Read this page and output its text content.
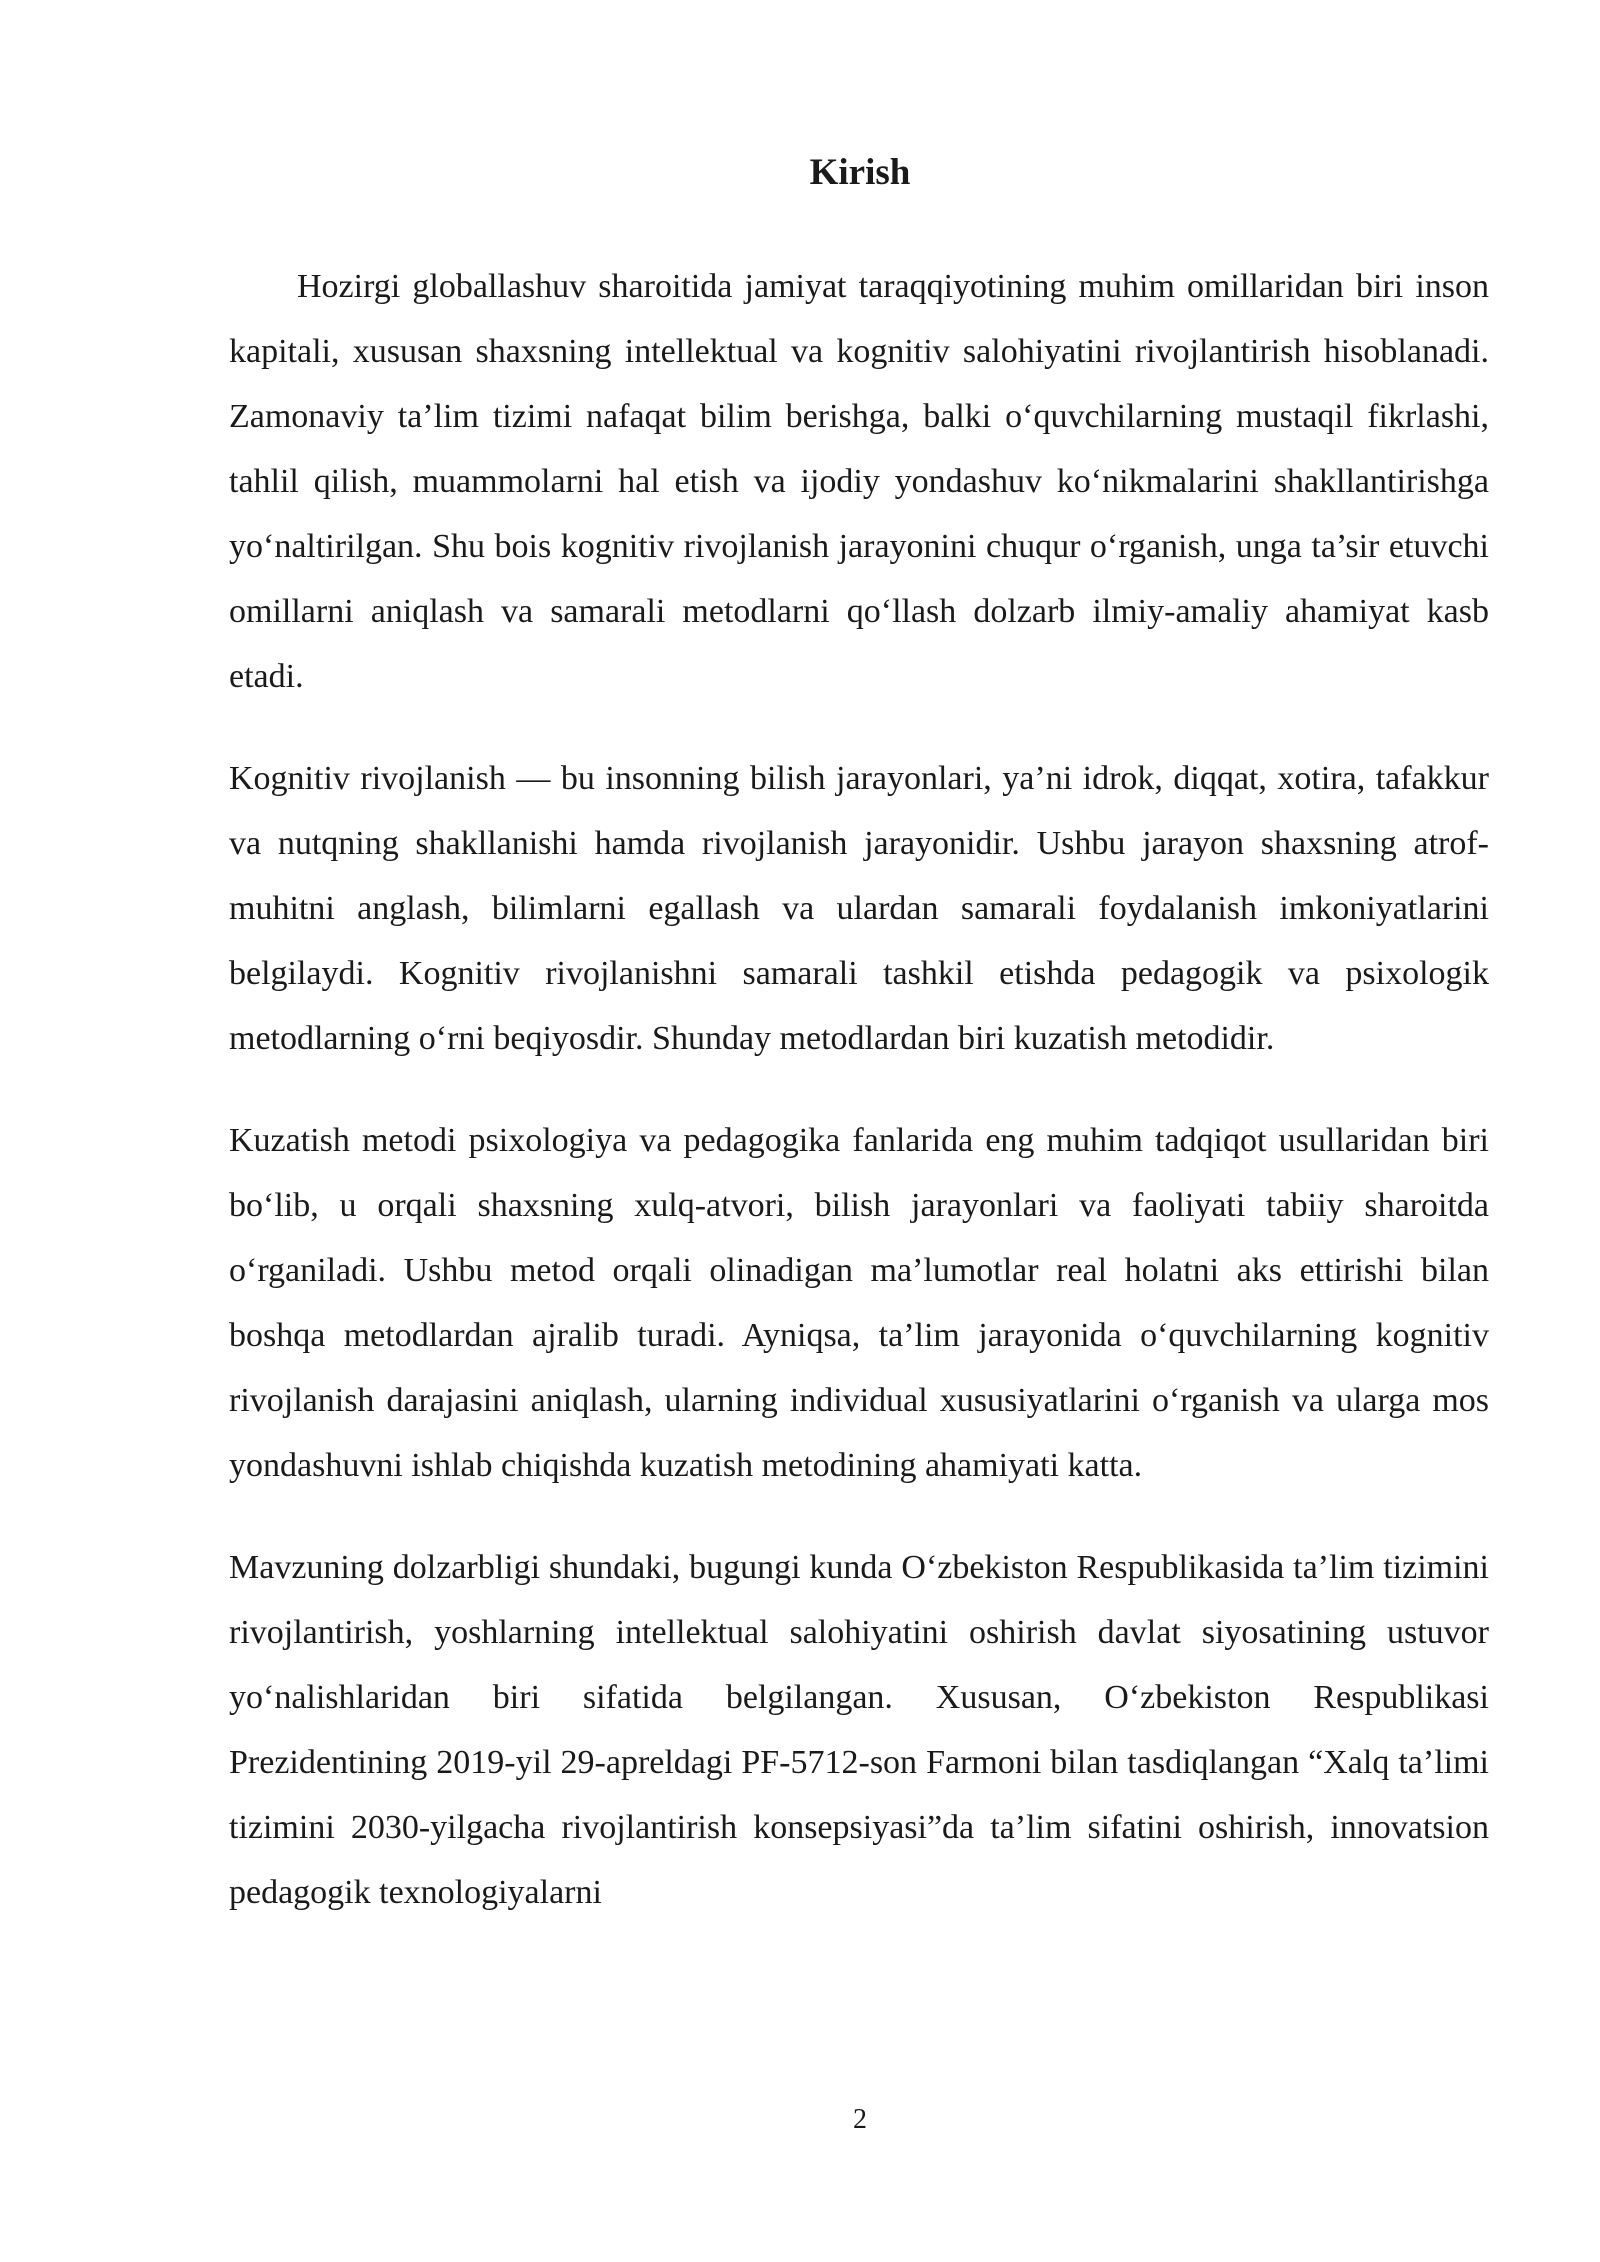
Kirish

Hozirgi globallashuv sharoitida jamiyat taraqqiyotining muhim omillaridan biri inson kapitali, xususan shaxsning intellektual va kognitiv salohiyatini rivojlantirish hisoblanadi. Zamonaviy ta’lim tizimi nafaqat bilim berishga, balki o‘quvchilarning mustaqil fikrlashi, tahlil qilish, muammolarni hal etish va ijodiy yondashuv ko‘nikmalarini shakllantirishga yo‘naltirilgan. Shu bois kognitiv rivojlanish jarayonini chuqur o‘rganish, unga ta’sir etuvchi omillarni aniqlash va samarali metodlarni qo‘llash dolzarb ilmiy-amaliy ahamiyat kasb etadi.

Kognitiv rivojlanish — bu insonning bilish jarayonlari, ya’ni idrok, diqqat, xotira, tafakkur va nutqning shakllanishi hamda rivojlanish jarayonidir. Ushbu jarayon shaxsning atrof-muhitni anglash, bilimlarni egallash va ulardan samarali foydalanish imkoniyatlarini belgilaydi. Kognitiv rivojlanishni samarali tashkil etishda pedagogik va psixologik metodlarning o‘rni beqiyosdir. Shunday metodlardan biri kuzatish metodidir.

Kuzatish metodi psixologiya va pedagogika fanlarida eng muhim tadqiqot usullaridan biri bo‘lib, u orqali shaxsning xulq-atvori, bilish jarayonlari va faoliyati tabiiy sharoitda o‘rganiladi. Ushbu metod orqali olinadigan ma’lumotlar real holatni aks ettirishi bilan boshqa metodlardan ajralib turadi. Ayniqsa, ta’lim jarayonida o‘quvchilarning kognitiv rivojlanish darajasini aniqlash, ularning individual xususiyatlarini o‘rganish va ularga mos yondashuvni ishlab chiqishda kuzatish metodining ahamiyati katta.

Mavzuning dolzarbligi shundaki, bugungi kunda O‘zbekiston Respublikasida ta’lim tizimini rivojlantirish, yoshlarning intellektual salohiyatini oshirish davlat siyosatining ustuvor yo‘nalishlaridan biri sifatida belgilangan. Xususan, O‘zbekiston Respublikasi Prezidentining 2019-yil 29-apreldagi PF-5712-son Farmoni bilan tasdiqlangan “Xalq ta’limi tizimini 2030-yilgacha rivojlantirish konsepsiyasi”da ta’lim sifatini oshirish, innovatsion pedagogik texnologiyalarni

2
